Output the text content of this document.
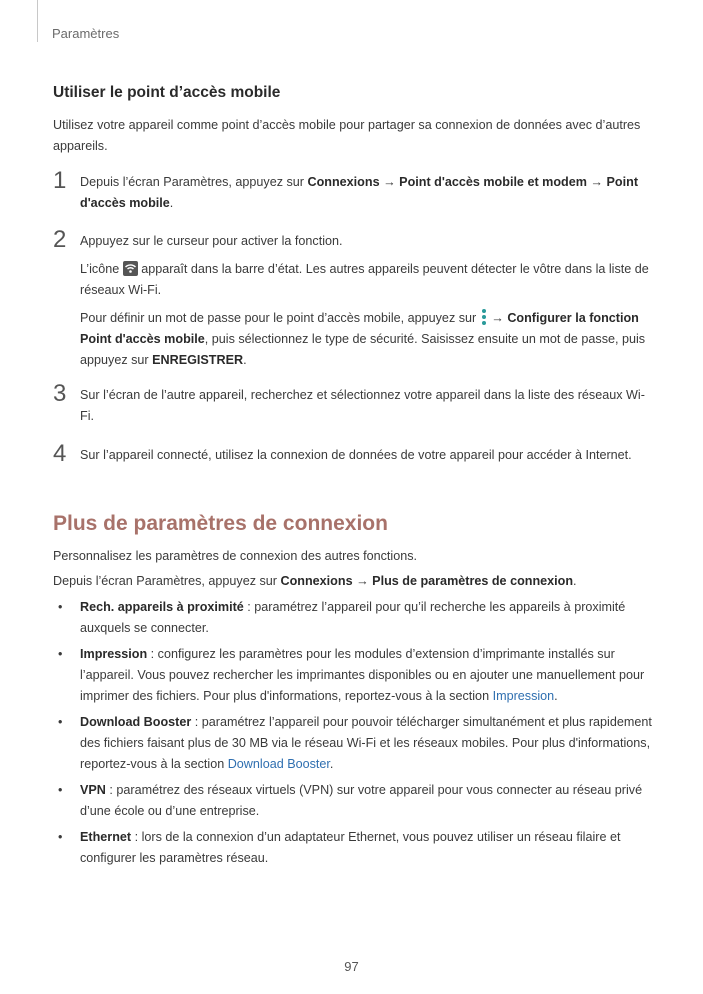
Paramètres
Utiliser le point d’accès mobile
Utilisez votre appareil comme point d’accès mobile pour partager sa connexion de données avec d’autres appareils.
1 Depuis l’écran Paramètres, appuyez sur Connexions → Point d'accès mobile et modem → Point d'accès mobile.

2 Appuyez sur le curseur pour activer la fonction.

L’icône
apparaît dans la barre d’état. Les autres appareils peuvent détecter le vôtre dans la liste de réseaux Wi-Fi.

Pour définir un mot de passe pour le point d’accès mobile, appuyez sur
→ Configurer la fonction Point d'accès mobile, puis sélectionnez le type de sécurité. Saisissez ensuite un mot de passe, puis appuyez sur ENREGISTRER.

3 Sur l’écran de l’autre appareil, recherchez et sélectionnez votre appareil dans la liste des réseaux Wi-Fi.
4 Sur l’appareil connecté, utilisez la connexion de données de votre appareil pour accéder à Internet.
Plus de paramètres de connexion
Personnalisez les paramètres de connexion des autres fonctions.
Depuis l’écran Paramètres, appuyez sur Connexions → Plus de paramètres de connexion.
• Rech. appareils à proximité : paramétrez l’appareil pour qu’il recherche les appareils à proximité auxquels se connecter.
• Impression : configurez les paramètres pour les modules d’extension d’imprimante installés sur l’appareil. Vous pouvez rechercher les imprimantes disponibles ou en ajouter une manuellement pour imprimer des fichiers. Pour plus d'informations, reportez-vous à la section Impression.
• Download Booster : paramétrez l’appareil pour pouvoir télécharger simultanément et plus rapidement des fichiers faisant plus de 30 MB via le réseau Wi-Fi et les réseaux mobiles. Pour plus d'informations, reportez-vous à la section Download Booster.
• VPN : paramétrez des réseaux virtuels (VPN) sur votre appareil pour vous connecter au réseau privé d’une école ou d’une entreprise.
• Ethernet : lors de la connexion d’un adaptateur Ethernet, vous pouvez utiliser un réseau filaire et configurer les paramètres réseau.
97
